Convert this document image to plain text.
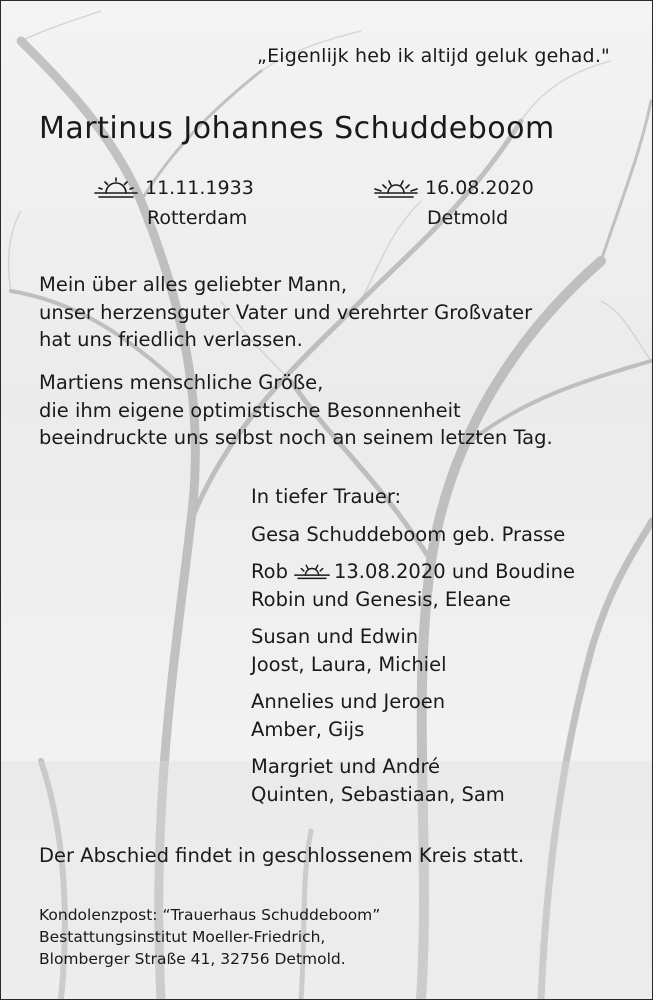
„Eigenlijk heb ik altijd geluk gehad."
Martinus Johannes Schuddeboom
11.11.1933
Rotterdam
16.08.2020
Detmold
Mein über alles geliebter Mann,
unser herzensguter Vater und verehrter Großvater
hat uns friedlich verlassen.
Martiens menschliche Größe,
die ihm eigene optimistische Besonnenheit
beeindruckte uns selbst noch an seinem letzten Tag.
In tiefer Trauer:
Gesa Schuddeboom geb. Prasse
Rob 13.08.2020 und Boudine
Robin und Genesis, Eleane
Susan und Edwin
Joost, Laura, Michiel
Annelies und Jeroen
Amber, Gijs
Margriet und André
Quinten, Sebastiaan, Sam
Der Abschied findet in geschlossenem Kreis statt.
Kondolenzpost: “Trauerhaus Schuddeboom”
Bestattungsinstitut Moeller-Friedrich,
Blomberger Straße 41, 32756 Detmold.
